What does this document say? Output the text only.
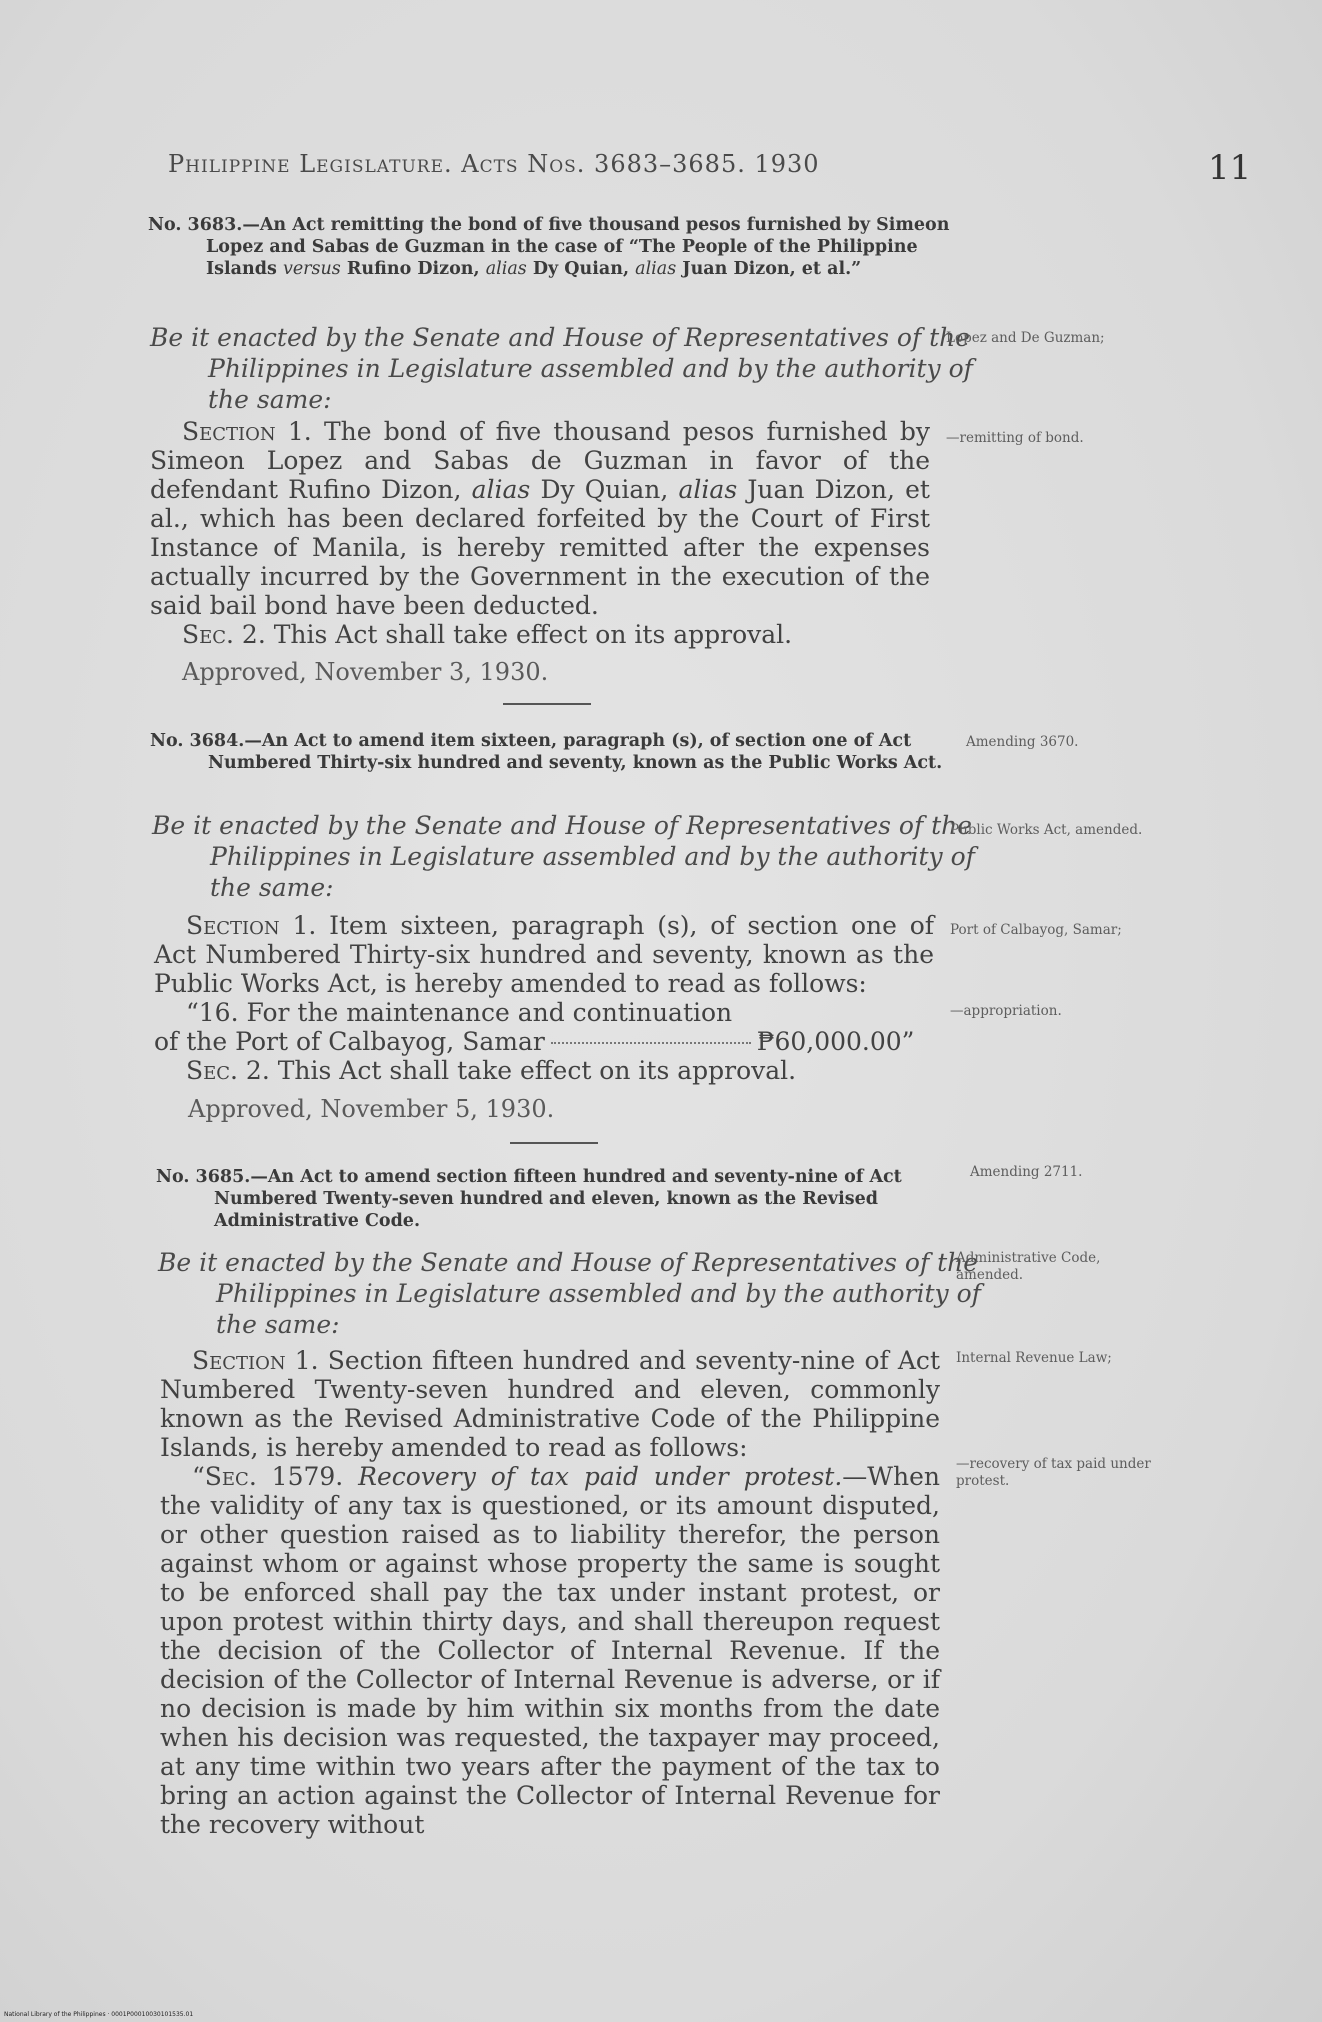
Philippine Legislature. Acts Nos. 3683–3685. 1930	11
No. 3683.—An Act remitting the bond of five thousand pesos furnished by Simeon Lopez and Sabas de Guzman in the case of “The People of the Philippine Islands versus Rufino Dizon, alias Dy Quian, alias Juan Dizon, et al.”
Be it enacted by the Senate and House of Representatives of the Philippines in Legislature assembled and by the authority of the same:

Section 1. The bond of five thousand pesos furnished by Simeon Lopez and Sabas de Guzman in favor of the defendant Rufino Dizon, alias Dy Quian, alias Juan Dizon, et al., which has been declared forfeited by the Court of First Instance of Manila, is hereby remitted after the expenses actually incurred by the Government in the execution of the said bail bond have been deducted.

Sec. 2. This Act shall take effect on its approval.

Approved, November 3, 1930.
Lopez and De Guzman;
—remitting of bond.
No. 3684.—An Act to amend item sixteen, paragraph (s), of section one of Act Numbered Thirty-six hundred and seventy, known as the Public Works Act.
Be it enacted by the Senate and House of Representatives of the Philippines in Legislature assembled and by the authority of the same:

Section 1. Item sixteen, paragraph (s), of section one of Act Numbered Thirty-six hundred and seventy, known as the Public Works Act, is hereby amended to read as follows:

“16. For the maintenance and continuation

of the Port of Calbayog, Samar	₱60,000.00”

Sec. 2. This Act shall take effect on its approval.

Approved, November 5, 1930.
Amending 3670.
Public Works Act, amended.
Port of Calbayog, Samar;
—appropriation.
No. 3685.—An Act to amend section fifteen hundred and seventy-nine of Act Numbered Twenty-seven hundred and eleven, known as the Revised Administrative Code.
Be it enacted by the Senate and House of Representatives of the Philippines in Legislature assembled and by the authority of the same:

Section 1. Section fifteen hundred and seventy-nine of Act Numbered Twenty-seven hundred and eleven, commonly known as the Revised Administrative Code of the Philippine Islands, is hereby amended to read as follows:

“Sec. 1579. Recovery of tax paid under protest.—When the validity of any tax is questioned, or its amount disputed, or other question raised as to liability therefor, the person against whom or against whose property the same is sought to be enforced shall pay the tax under instant protest, or upon protest within thirty days, and shall thereupon request the decision of the Collector of Internal Revenue. If the decision of the Collector of Internal Revenue is adverse, or if no decision is made by him within six months from the date when his decision was requested, the taxpayer may proceed, at any time within two years after the payment of the tax to bring an action against the Collector of Internal Revenue for the recovery without

Amending 2711.
Administrative Code, amended.
Internal Revenue Law;
—recovery of tax paid under protest.
National Library of the Philippines · 0001P00010030101535.01
